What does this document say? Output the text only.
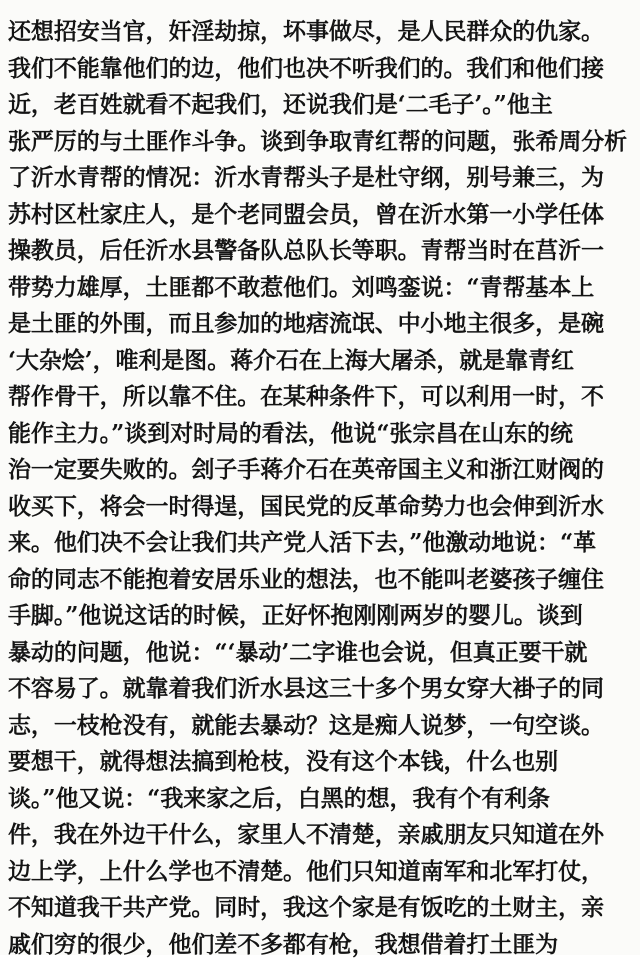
还想招安当官，奸淫劫掠，坏事做尽，是人民群众的仇家。
我们不能靠他们的边，他们也决不听我们的。我们和他们接
近，老百姓就看不起我们，还说我们是‘二毛子’。”他主
张严厉的与土匪作斗争。谈到争取青红帮的问题，张希周分析
了沂水青帮的情况：沂水青帮头子是杜守纲，别号兼三，为
苏村区杜家庄人，是个老同盟会员，曾在沂水第一小学任体
操教员，后任沂水县警备队总队长等职。青帮当时在莒沂一
带势力雄厚，土匪都不敢惹他们。刘鸣銮说：“青帮基本上
是土匪的外围，而且参加的地痞流氓、中小地主很多，是碗
‘大杂烩’，唯利是图。蒋介石在上海大屠杀，就是靠青红
帮作骨干，所以靠不住。在某种条件下，可以利用一时，不
能作主力。”谈到对时局的看法，他说“张宗昌在山东的统
治一定要失败的。刽子手蒋介石在英帝国主义和浙江财阀的
收买下，将会一时得逞，国民党的反革命势力也会伸到沂水
来。他们决不会让我们共产党人活下去，”他激动地说：“革
命的同志不能抱着安居乐业的想法，也不能叫老婆孩子缠住
手脚。”他说这话的时候，正好怀抱刚刚两岁的婴儿。谈到
暴动的问题，他说：“‘暴动’二字谁也会说，但真正要干就
不容易了。就靠着我们沂水县这三十多个男女穿大褂子的同
志，一枝枪没有，就能去暴动？这是痴人说梦，一句空谈。
要想干，就得想法搞到枪枝，没有这个本钱，什么也别
谈。”他又说：“我来家之后，白黑的想，我有个有利条
件，我在外边干什么，家里人不清楚，亲戚朋友只知道在外
边上学，上什么学也不清楚。他们只知道南军和北军打仗，
不知道我干共产党。同时，我这个家是有饭吃的土财主，亲
戚们穷的很少，他们差不多都有枪，我想借着打土匪为
